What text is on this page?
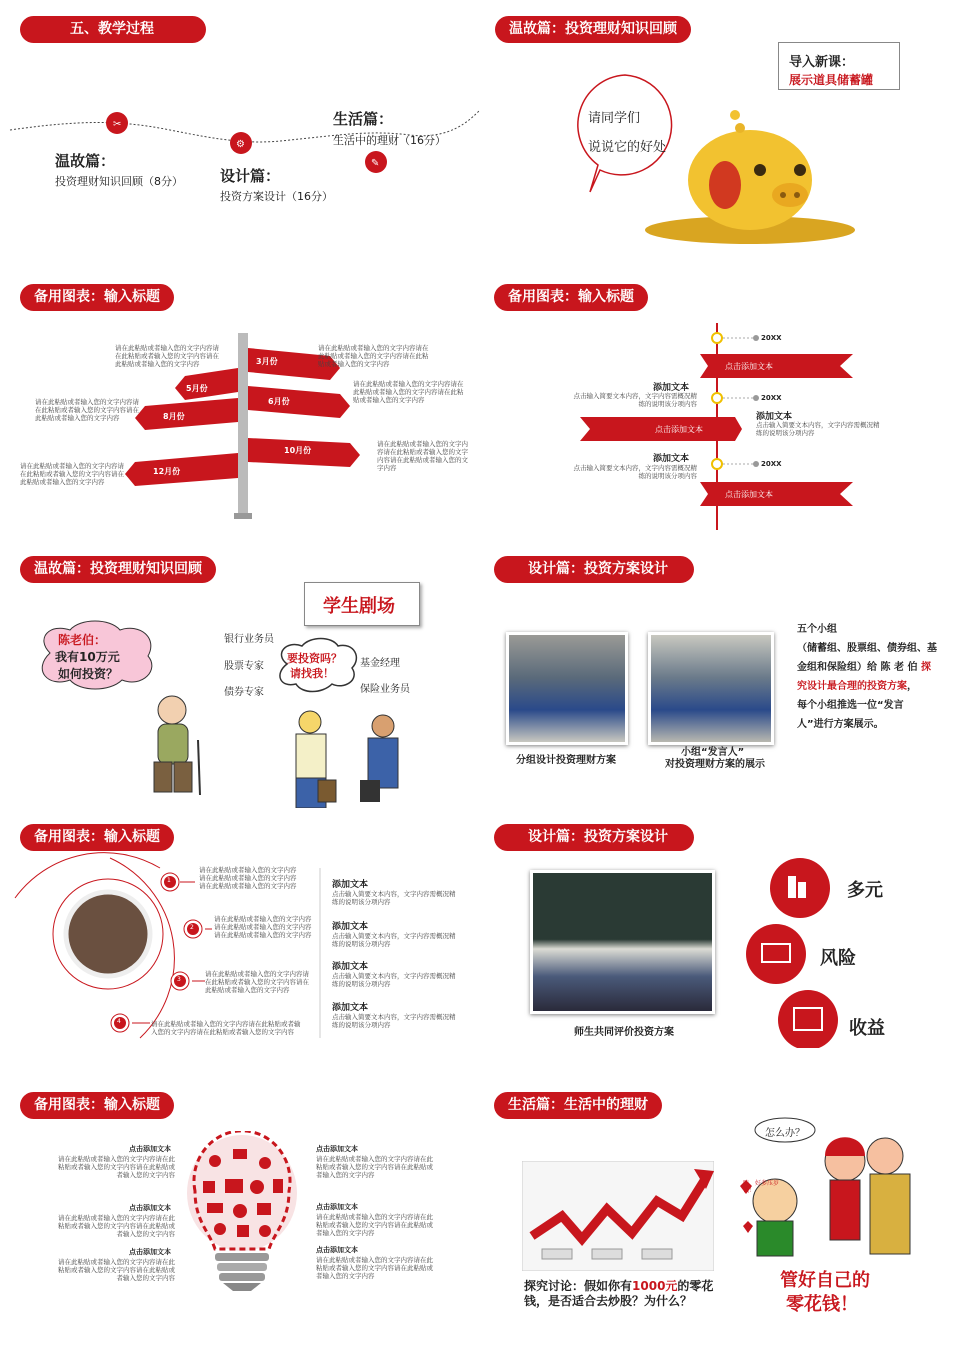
五、教学过程
✂
⚙
✎
温故篇：
投资理财知识回顾（8分） 设计篇：
投资方案设计（16分）
生活篇：
生活中的理财（16分）
温故篇：投资理财知识回顾
请同学们
说说它的好处
导入新课：
展示道具储蓄罐
备用图表：输入标题
3月份
5月份
6月份
8月份
10月份
12月份
请在此粘贴或者输入您的文字内容请在此粘贴或者输入您的文字内容请在此粘贴或者输入您的文字内容
请在此粘贴或者输入您的文字内容请在此粘贴或者输入您的文字内容请在此粘贴或者输入您的文字内容
请在此粘贴或者输入您的文字内容请在此粘贴或者输入您的文字内容请在此粘贴或者输入您的文字内容
请在此粘贴或者输入您的文字内容请在此粘贴或者输入您的文字内容请在此粘贴或者输入您的文字内容
请在此粘贴或者输入您的文字内容请在此粘贴或者输入您的文字内容请在此粘贴或者输入您的文字内容
请在此粘贴或者输入您的文字内容请在此粘贴或者输入您的文字内容请在此粘贴或者输入您的文字内容
备用图表：输入标题
20XX
20XX
20XX
点击添加文本
点击添加文本
点击添加文本
添加文本
点击输入简要文本内容，文字内容需概况精练的说明该分项内容
添加文本
点击输入简要文本内容，文字内容需概况精练的说明该分项内容
添加文本
点击输入简要文本内容，文字内容需概况精练的说明该分项内容
温故篇：投资理财知识回顾
学生剧场
陈老伯：
我有10万元
如何投资？
银行业务员
股票专家
债券专家
基金经理
保险业务员
要投资吗？
请找我！
设计篇：投资方案设计
分组设计投资理财方案
小组“发言人”
对投资理财方案的展示
五个小组
（储蓄组、股票组、债券组、基
金组和保险组）给 陈 老 伯 探
究设计最合理的投资方案，
每个小组推选一位“发言
人”进行方案展示。
备用图表：输入标题
1
2
3
4
请在此粘贴或者输入您的文字内容请在此粘贴或者输入您的文字内容请在此粘贴或者输入您的文字内容
请在此粘贴或者输入您的文字内容请在此粘贴或者输入您的文字内容请在此粘贴或者输入您的文字内容
请在此粘贴或者输入您的文字内容请在此粘贴或者输入您的文字内容请在此粘贴或者输入您的文字内容
请在此粘贴或者输入您的文字内容请在此粘贴或者输入您的文字内容请在此粘贴或者输入您的文字内容
添加文本
点击输入简要文本内容，文字内容需概况精练的说明该分项内容
添加文本
点击输入简要文本内容，文字内容需概况精练的说明该分项内容
添加文本
点击输入简要文本内容，文字内容需概况精练的说明该分项内容
添加文本
点击输入简要文本内容，文字内容需概况精练的说明该分项内容
设计篇：投资方案设计
师生共同评价投资方案
多元
风险
收益
备用图表：输入标题
点击添加文本
请在此粘贴或者输入您的文字内容请在此粘贴或者输入您的文字内容请在此粘贴或者输入您的文字内容
点击添加文本
请在此粘贴或者输入您的文字内容请在此粘贴或者输入您的文字内容请在此粘贴或者输入您的文字内容
点击添加文本
请在此粘贴或者输入您的文字内容请在此粘贴或者输入您的文字内容请在此粘贴或者输入您的文字内容
点击添加文本
请在此粘贴或者输入您的文字内容请在此粘贴或者输入您的文字内容请在此粘贴或者输入您的文字内容
点击添加文本
请在此粘贴或者输入您的文字内容请在此粘贴或者输入您的文字内容请在此粘贴或者输入您的文字内容
点击添加文本
请在此粘贴或者输入您的文字内容请在此粘贴或者输入您的文字内容请在此粘贴或者输入您的文字内容
生活篇：生活中的理财
探究讨论：假如你有1000元的零花
钱，是否适合去炒股？为什么？
怎么办？
哇，好多压岁钱！
管好自己的
零花钱！
